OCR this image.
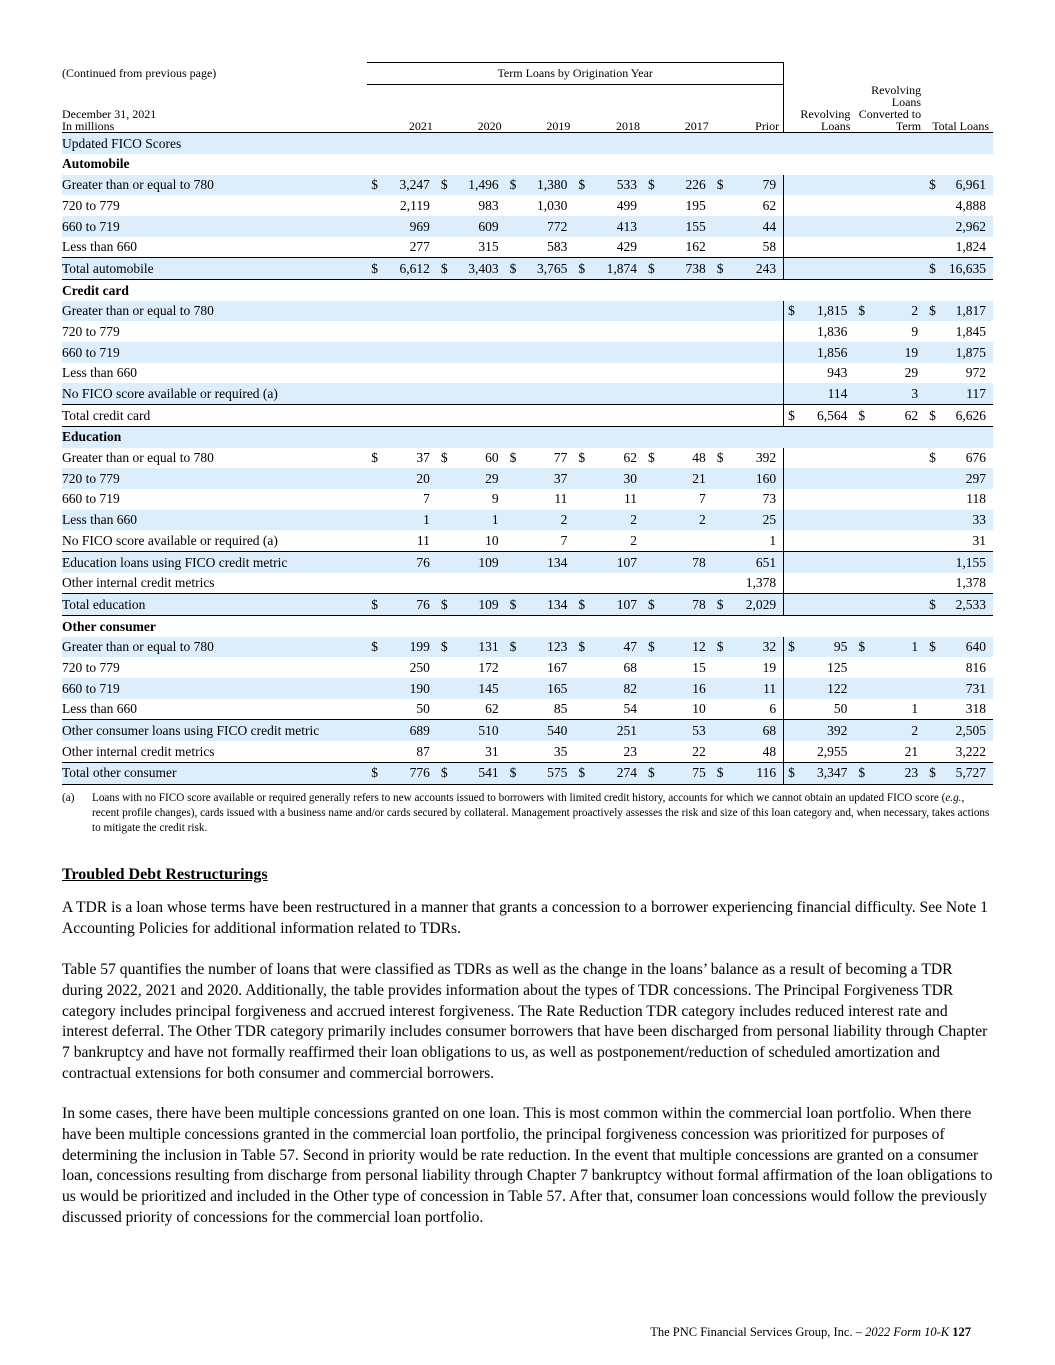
(Continued from previous page)	Term Loans by Origination Year																	
December 31, 2021
In millions	2021		2020		2019		2018		2017		Prior		Revolving Loans		Revolving Loans Converted to Term		Total Loans	
Updated FICO Scores																		
Automobile																		
Greater than or equal to 780	$	3,247	$	1,496	$	1,380	$	533	$	226	$	79					$	6,961
720 to 779		2,119		983		1,030		499		195		62						4,888
660 to 719		969		609		772		413		155		44						2,962
Less than 660		277		315		583		429		162		58						1,824
Total automobile	$	6,612	$	3,403	$	3,765	$	1,874	$	738	$	243					$	16,635
Credit card																		
Greater than or equal to 780													$	1,815	$	2	$	1,817
720 to 779														1,836		9		1,845
660 to 719														1,856		19		1,875
Less than 660														943		29		972
No FICO score available or required (a)														114		3		117
Total credit card													$	6,564	$	62	$	6,626
Education																		
Greater than or equal to 780	$	37	$	60	$	77	$	62	$	48	$	392					$	676
720 to 779		20		29		37		30		21		160						297
660 to 719		7		9		11		11		7		73						118
Less than 660		1		1		2		2		2		25						33
No FICO score available or required (a)		11		10		7		2				1						31
Education loans using FICO credit metric		76		109		134		107		78		651						1,155
Other internal credit metrics												1,378						1,378
Total education	$	76	$	109	$	134	$	107	$	78	$	2,029					$	2,533
Other consumer																		
Greater than or equal to 780	$	199	$	131	$	123	$	47	$	12	$	32	$	95	$	1	$	640
720 to 779		250		172		167		68		15		19		125				816
660 to 719		190		145		165		82		16		11		122				731
Less than 660		50		62		85		54		10		6		50		1		318
Other consumer loans using FICO credit metric		689		510		540		251		53		68		392		2		2,505
Other internal credit metrics		87		31		35		23		22		48		2,955		21		3,222
Total other consumer	$	776	$	541	$	575	$	274	$	75	$	116	$	3,347	$	23	$	5,727
(a) Loans with no FICO score available or required generally refers to new accounts issued to borrowers with limited credit history, accounts for which we cannot obtain an updated FICO score (e.g., recent profile changes), cards issued with a business name and/or cards secured by collateral. Management proactively assesses the risk and size of this loan category and, when necessary, takes actions to mitigate the credit risk.
Troubled Debt Restructurings

A TDR is a loan whose terms have been restructured in a manner that grants a concession to a borrower experiencing financial difficulty. See Note 1 Accounting Policies for additional information related to TDRs.

Table 57 quantifies the number of loans that were classified as TDRs as well as the change in the loans’ balance as a result of becoming a TDR during 2022, 2021 and 2020. Additionally, the table provides information about the types of TDR concessions. The Principal Forgiveness TDR category includes principal forgiveness and accrued interest forgiveness. The Rate Reduction TDR category includes reduced interest rate and interest deferral. The Other TDR category primarily includes consumer borrowers that have been discharged from personal liability through Chapter 7 bankruptcy and have not formally reaffirmed their loan obligations to us, as well as postponement/reduction of scheduled amortization and contractual extensions for both consumer and commercial borrowers.

In some cases, there have been multiple concessions granted on one loan. This is most common within the commercial loan portfolio. When there have been multiple concessions granted in the commercial loan portfolio, the principal forgiveness concession was prioritized for purposes of determining the inclusion in Table 57. Second in priority would be rate reduction. In the event that multiple concessions are granted on a consumer loan, concessions resulting from discharge from personal liability through Chapter 7 bankruptcy without formal affirmation of the loan obligations to us would be prioritized and included in the Other type of concession in Table 57. After that, consumer loan concessions would follow the previously discussed priority of concessions for the commercial loan portfolio.

The PNC Financial Services Group, Inc. – 2022 Form 10-K 127
